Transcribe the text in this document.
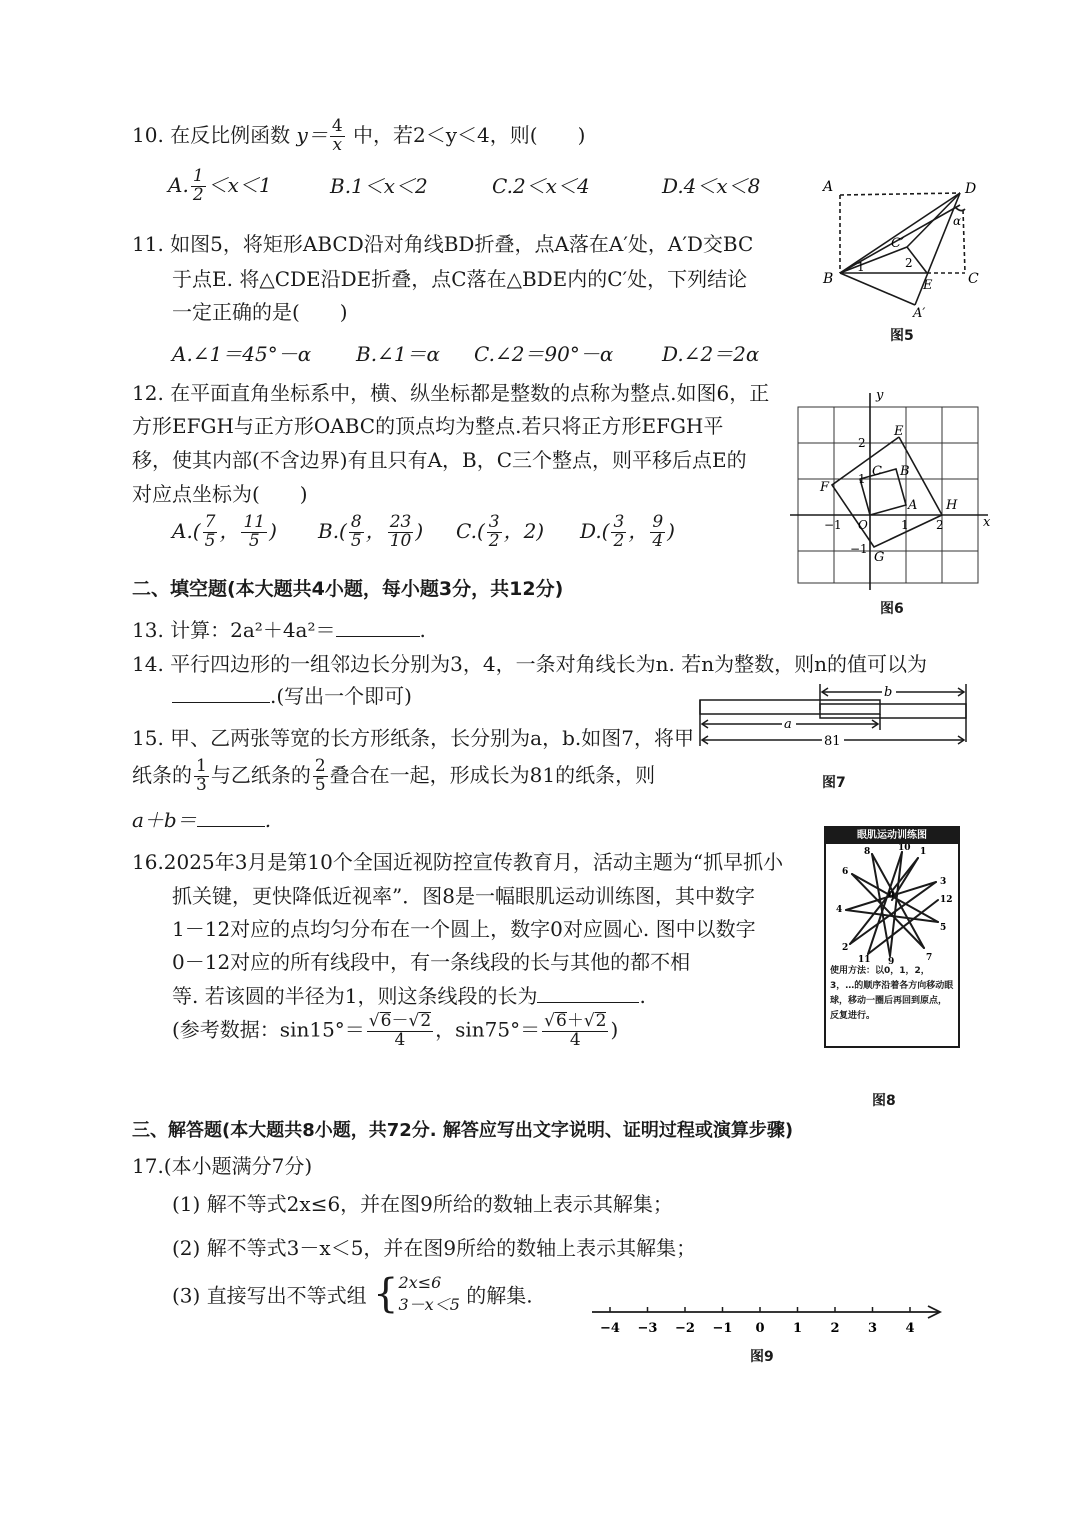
10. 在反比例函数 $y= \frac{4}{x}$ 中，若2＜y＜4，则(　　)
A. $\frac{1}{2} <x<1$	B.1＜x＜2	C.2＜x＜4	D.4＜x＜8
11. 如图5，将矩形ABCD沿对角线BD折叠，点A落在A′处，A′D交BC
于点E. 将△CDE沿DE折叠，点C落在△BDE内的C′处，下列结论
一定正确的是(　　)
A.∠1＝45°－α B.∠1＝α C.∠2＝90°－α D.∠2＝2α
A	D
B	C
C′
E
A′
1	2
α
图5
12. 在平面直角坐标系中，横、纵坐标都是整数的点称为整点.如图6，正
方形EFGH与正方形OABC的顶点均为整点.若只将正方形EFGH平
移，使其内部(不含边界)有且只有A，B，C三个整点，则平移后点E的
对应点坐标为(　　)
$A.( \frac{7}{5}$ ， $\frac{11}{5}$ ) $B.( \frac{8}{5}$ ， $\frac{23}{10}$ ) $C.( \frac{3}{2}$ ，2) $D.( \frac{3}{2}$ ， $\frac{9}{4}$ )
y
x
2
1
−1
−1 O	1 2
E
F
G
H
A
B
C
图6
二、填空题(本大题共4小题，每小题3分，共12分)
13. 计算：2a²＋4a²＝	.
14. 平行四边形的一组邻边长分别为3，4，一条对角线长为n. 若n为整数，则n的值可以为
.(写出一个即可)
15. 甲、乙两张等宽的长方形纸条，长分别为a，b.如图7，将甲
纸条的 $\frac{1}{3}$ 与乙纸条的 $\frac{2}{5}$ 叠合在一起，形成长为81的纸条，则
a＋b＝	.
b
a
81
图7
16.2025年3月是第10个全国近视防控宣传教育月，活动主题为“抓早抓小
抓关键，更快降低近视率”．图8是一幅眼肌运动训练图，其中数字
1－12对应的点均匀分布在一个圆上，数字0对应圆心. 图中以数字
0－12对应的所有线段中，有一条线段的长与其他的都不相
等. 若该圆的半径为1，则这条线段的长为	.
(参考数据：$\sin 15^\circ= \frac{√6-√2}{4}$ ，$\sin 75^\circ= \frac{√6+√2}{4}$ )
眼肌运动训练图
1
2
3
4
5
6
7
8
9
10
11
12
0
使用方法：以0，1，2，3，…的顺序沿着各方向移动眼球，移动一圈后再回到原点，反复进行。
图8
三、解答题(本大题共8小题，共72分. 解答应写出文字说明、证明过程或演算步骤)
17.(本小题满分7分)
(1) 解不等式2x≤6，并在图9所给的数轴上表示其解集；
(2) 解不等式3－x＜5，并在图9所给的数轴上表示其解集；
(3) 直接写出不等式组 { 2x≤6
3－x＜5 的解集.
−4 −3 −2 −1 0 1 2 3 4
图9
